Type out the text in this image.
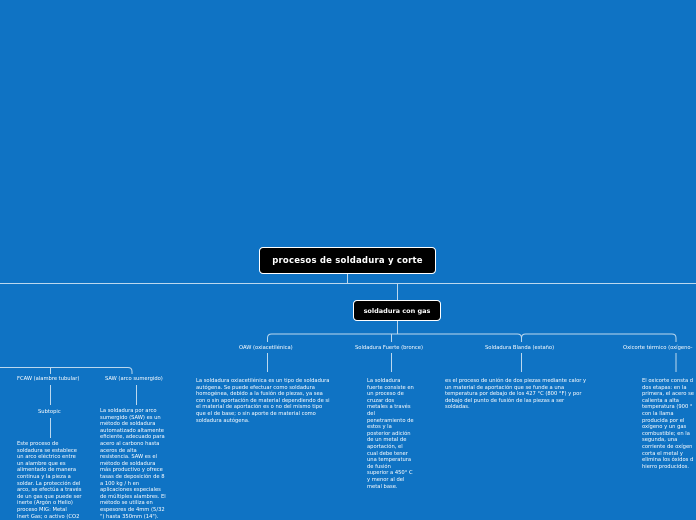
procesos de soldadura y corte
soldadura con gas
OAW (oxiacetilénica)
La soldadura oxiacetilénica es un tipo de soldadura
autógena. Se puede efectuar como soldadura
homogénea, debido a la fusión de piezas, ya sea
con o sin aportación de material dependiendo de si
el material de aportación es o no del mismo tipo
que el de base; o sin aporte de material como
soldadura autógena.
Soldadura Fuerte (bronce)
La soldadura
fuerte consiste en
un proceso de
cruzar dos
metales a través
del
penetramiento de
estos y la
posterior adición
de un metal de
aportación, el
cual debe tener
una temperatura
de fusión
superior a 450° C
y menor al del
metal base.
Soldadura Blanda (estaño)
es el proceso de unión de dos piezas mediante calor y
un material de aportación que se funde a una
temperatura por debajo de los 427 °C (800 °F) y por
debajo del punto de fusión de las piezas a ser
soldadas.
Oxicorte térmico (oxígeno-
El oxicorte consta d
dos etapas: en la
primera, el acero se
calienta a alta
temperatura (900 °
con la llama
producida por el
oxígeno y un gas
combustible; en la
segunda, una
corriente de oxígen
corta el metal y
elimina los óxidos d
hierro producidos.
FCAW (alambre tubular)
Subtopic
Este proceso de
soldadura se establece
un arco eléctrico entre
un alambre que es
alimentado de manera
continua y la pieza a
soldar. La protección del
arco, se efectúa a través
de un gas que puede ser
inerte (Argón o Helio)
proceso MIG: Metal
Inert Gas; o activo (CO2
SAW (arco sumergido)
La soldadura por arco
sumergido (SAW) es un
método de soldadura
automatizado altamente
eficiente, adecuado para
acero al carbono hasta
aceros de alta
resistencia. SAW es el
método de soldadura
más productivo y ofrece
tasas de deposición de 8
a 100 kg / h en
aplicaciones especiales
de múltiples alambres. El
método se utiliza en
espesores de 4mm (5/32
") hasta 350mm (14").
